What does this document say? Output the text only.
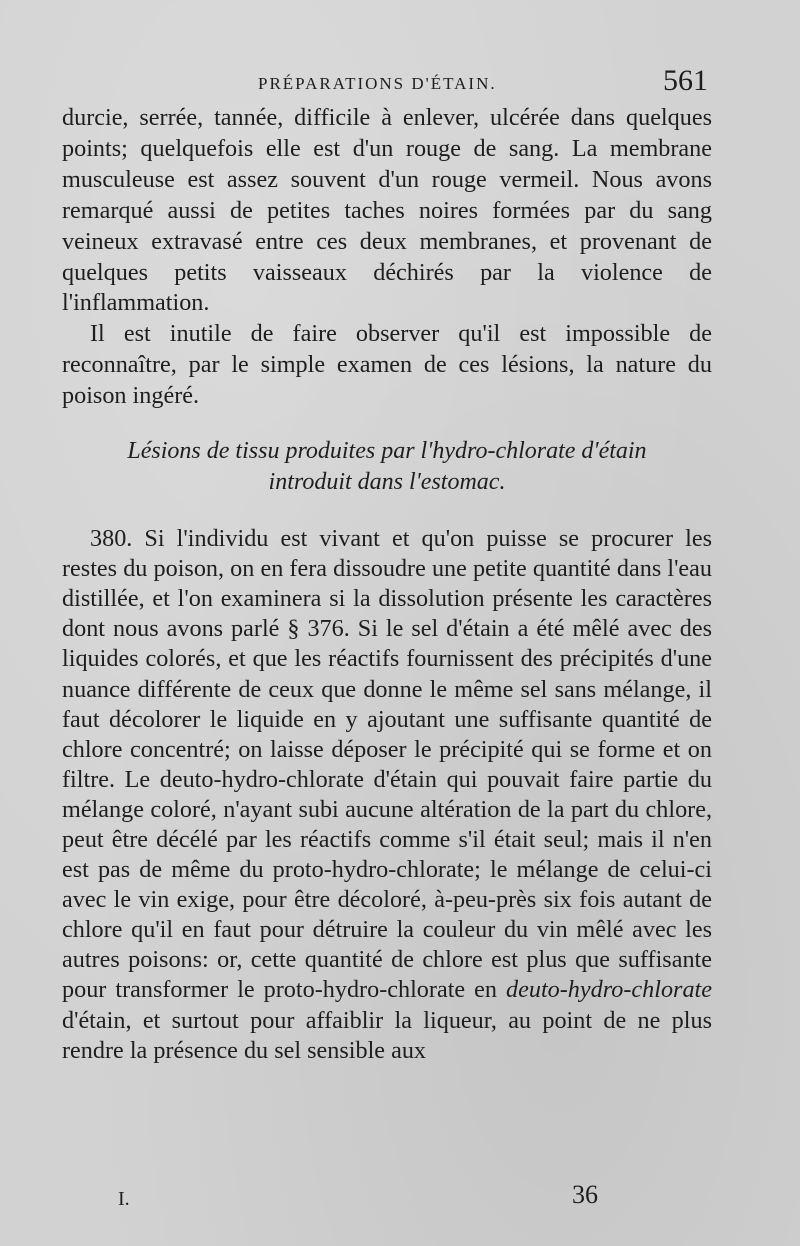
PRÉPARATIONS D'ÉTAIN.	561

durcie, serrée, tannée, difficile à enlever, ulcérée dans quelques points; quelquefois elle est d'un rouge de sang. La membrane musculeuse est assez souvent d'un rouge vermeil. Nous avons remarqué aussi de petites taches noires formées par du sang veineux extravasé entre ces deux membranes, et provenant de quelques petits vaisseaux déchirés par la violence de l'inflammation.

Il est inutile de faire observer qu'il est impossible de reconnaître, par le simple examen de ces lésions, la nature du poison ingéré.

Lésions de tissu produites par l'hydro-chlorate d'étain
introduit dans l'estomac.

380. Si l'individu est vivant et qu'on puisse se procurer les restes du poison, on en fera dissoudre une petite quantité dans l'eau distillée, et l'on examinera si la dissolution présente les caractères dont nous avons parlé § 376. Si le sel d'étain a été mêlé avec des liquides colorés, et que les réactifs fournissent des précipités d'une nuance différente de ceux que donne le même sel sans mélange, il faut décolorer le liquide en y ajoutant une suffisante quantité de chlore concentré; on laisse déposer le précipité qui se forme et on filtre. Le deuto-hydro-chlorate d'étain qui pouvait faire partie du mélange coloré, n'ayant subi aucune altération de la part du chlore, peut être décélé par les réactifs comme s'il était seul; mais il n'en est pas de même du proto-hydro-chlorate; le mélange de celui-ci avec le vin exige, pour être décoloré, à-peu-près six fois autant de chlore qu'il en faut pour détruire la couleur du vin mêlé avec les autres poisons: or, cette quantité de chlore est plus que suffisante pour transformer le proto-hydro-chlorate en deuto-hydro-chlorate d'étain, et surtout pour affaiblir la liqueur, au point de ne plus rendre la présence du sel sensible aux

I.	36
